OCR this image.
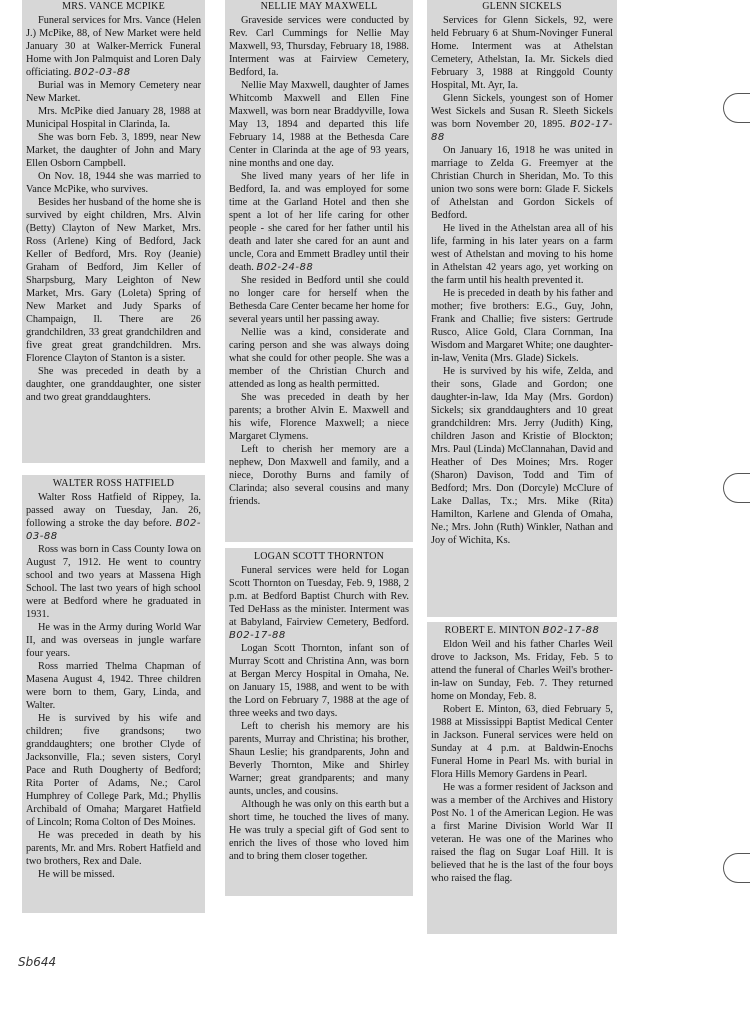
MRS. VANCE MCPIKE

Funeral services for Mrs. Vance (Helen J.) McPike, 88, of New Market were held January 30 at Walker-Merrick Funeral Home with Jon Palmquist and Loren Daly officiating. B02-03-88

Burial was in Memory Cemetery near New Market.

Mrs. McPike died January 28, 1988 at Municipal Hospital in Clarinda, Ia.

She was born Feb. 3, 1899, near New Market, the daughter of John and Mary Ellen Osborn Campbell.

On Nov. 18, 1944 she was married to Vance McPike, who survives.

Besides her husband of the home she is survived by eight children, Mrs. Alvin (Betty) Clayton of New Market, Mrs. Ross (Arlene) King of Bedford, Jack Keller of Bedford, Mrs. Roy (Jeanie) Graham of Bedford, Jim Keller of Sharpsburg, Mary Leighton of New Market, Mrs. Gary (Loleta) Spring of New Market and Judy Sparks of Champaign, Il. There are 26 grandchildren, 33 great grandchildren and five great great grandchildren. Mrs. Florence Clayton of Stanton is a sister.

She was preceded in death by a daughter, one granddaughter, one sister and two great granddaughters.

WALTER ROSS HATFIELD

Walter Ross Hatfield of Rippey, Ia. passed away on Tuesday, Jan. 26, following a stroke the day before. B02-03-88

Ross was born in Cass County Iowa on August 7, 1912. He went to country school and two years at Massena High School. The last two years of high school were at Bedford where he graduated in 1931.

He was in the Army during World War II, and was overseas in jungle warfare four years.

Ross married Thelma Chapman of Masena August 4, 1942. Three children were born to them, Gary, Linda, and Walter.

He is survived by his wife and children; five grandsons; two granddaughters; one brother Clyde of Jacksonville, Fla.; seven sisters, Coryl Pace and Ruth Dougherty of Bedford; Rita Porter of Adams, Ne.; Carol Humphrey of College Park, Md.; Phyllis Archibald of Omaha; Margaret Hatfield of Lincoln; Roma Colton of Des Moines.

He was preceded in death by his parents, Mr. and Mrs. Robert Hatfield and two brothers, Rex and Dale.

He will be missed.

NELLIE MAY MAXWELL

Graveside services were conducted by Rev. Carl Cummings for Nellie May Maxwell, 93, Thursday, February 18, 1988. Interment was at Fairview Cemetery, Bedford, Ia.

Nellie May Maxwell, daughter of James Whitcomb Maxwell and Ellen Fine Maxwell, was born near Braddyville, Iowa May 13, 1894 and departed this life February 14, 1988 at the Bethesda Care Center in Clarinda at the age of 93 years, nine months and one day.

She lived many years of her life in Bedford, Ia. and was employed for some time at the Garland Hotel and then she spent a lot of her life caring for other people - she cared for her father until his death and later she cared for an aunt and uncle, Cora and Emmett Bradley until their death. B02-24-88

She resided in Bedford until she could no longer care for herself when the Bethesda Care Center became her home for several years until her passing away.

Nellie was a kind, considerate and caring person and she was always doing what she could for other people. She was a member of the Christian Church and attended as long as health permitted.

She was preceded in death by her parents; a brother Alvin E. Maxwell and his wife, Florence Maxwell; a niece Margaret Clymens.

Left to cherish her memory are a nephew, Don Maxwell and family, and a niece, Dorothy Burns and family of Clarinda; also several cousins and many friends.

LOGAN SCOTT THORNTON

Funeral services were held for Logan Scott Thornton on Tuesday, Feb. 9, 1988, 2 p.m. at Bedford Baptist Church with Rev. Ted DeHass as the minister. Interment was at Babyland, Fairview Cemetery, Bedford. B02-17-88

Logan Scott Thornton, infant son of Murray Scott and Christina Ann, was born at Bergan Mercy Hospital in Omaha, Ne. on January 15, 1988, and went to be with the Lord on February 7, 1988 at the age of three weeks and two days.

Left to cherish his memory are his parents, Murray and Christina; his brother, Shaun Leslie; his grandparents, John and Beverly Thornton, Mike and Shirley Warner; great grandparents; and many aunts, uncles, and cousins.

Although he was only on this earth but a short time, he touched the lives of many. He was truly a special gift of God sent to enrich the lives of those who loved him and to bring them closer together.

GLENN SICKELS

Services for Glenn Sickels, 92, were held February 6 at Shum-Novinger Funeral Home. Interment was at Athelstan Cemetery, Athelstan, Ia. Mr. Sickels died February 3, 1988 at Ringgold County Hospital, Mt. Ayr, Ia.

Glenn Sickels, youngest son of Homer West Sickels and Susan R. Sleeth Sickels was born November 20, 1895. B02-17-88

On January 16, 1918 he was united in marriage to Zelda G. Freemyer at the Christian Church in Sheridan, Mo. To this union two sons were born: Glade F. Sickels of Athelstan and Gordon Sickels of Bedford.

He lived in the Athelstan area all of his life, farming in his later years on a farm west of Athelstan and moving to his home in Athelstan 42 years ago, yet working on the farm until his health prevented it.

He is preceded in death by his father and mother; five brothers: E.G., Guy, John, Frank and Challie; five sisters: Gertrude Rusco, Alice Gold, Clara Cornman, Ina Wisdom and Margaret White; one daughter-in-law, Venita (Mrs. Glade) Sickels.

He is survived by his wife, Zelda, and their sons, Glade and Gordon; one daughter-in-law, Ida May (Mrs. Gordon) Sickels; six granddaughters and 10 great grandchildren: Mrs. Jerry (Judith) King, children Jason and Kristie of Blockton; Mrs. Paul (Linda) McClannahan, David and Heather of Des Moines; Mrs. Roger (Sharon) Davison, Todd and Tim of Bedford; Mrs. Don (Dorcyle) McClure of Lake Dallas, Tx.; Mrs. Mike (Rita) Hamilton, Karlene and Glenda of Omaha, Ne.; Mrs. John (Ruth) Winkler, Nathan and Joy of Wichita, Ks.

ROBERT E. MINTON B02-17-88

Eldon Weil and his father Charles Weil drove to Jackson, Ms. Friday, Feb. 5 to attend the funeral of Charles Weil's brother-in-law on Sunday, Feb. 7. They returned home on Monday, Feb. 8.

Robert E. Minton, 63, died February 5, 1988 at Mississippi Baptist Medical Center in Jackson. Funeral services were held on Sunday at 4 p.m. at Baldwin-Enochs Funeral Home in Pearl Ms. with burial in Flora Hills Memory Gardens in Pearl.

He was a former resident of Jackson and was a member of the Archives and History Post No. 1 of the American Legion. He was a first Marine Division World War II veteran. He was one of the Marines who raised the flag on Sugar Loaf Hill. It is believed that he is the last of the four boys who raised the flag.

Sb644
